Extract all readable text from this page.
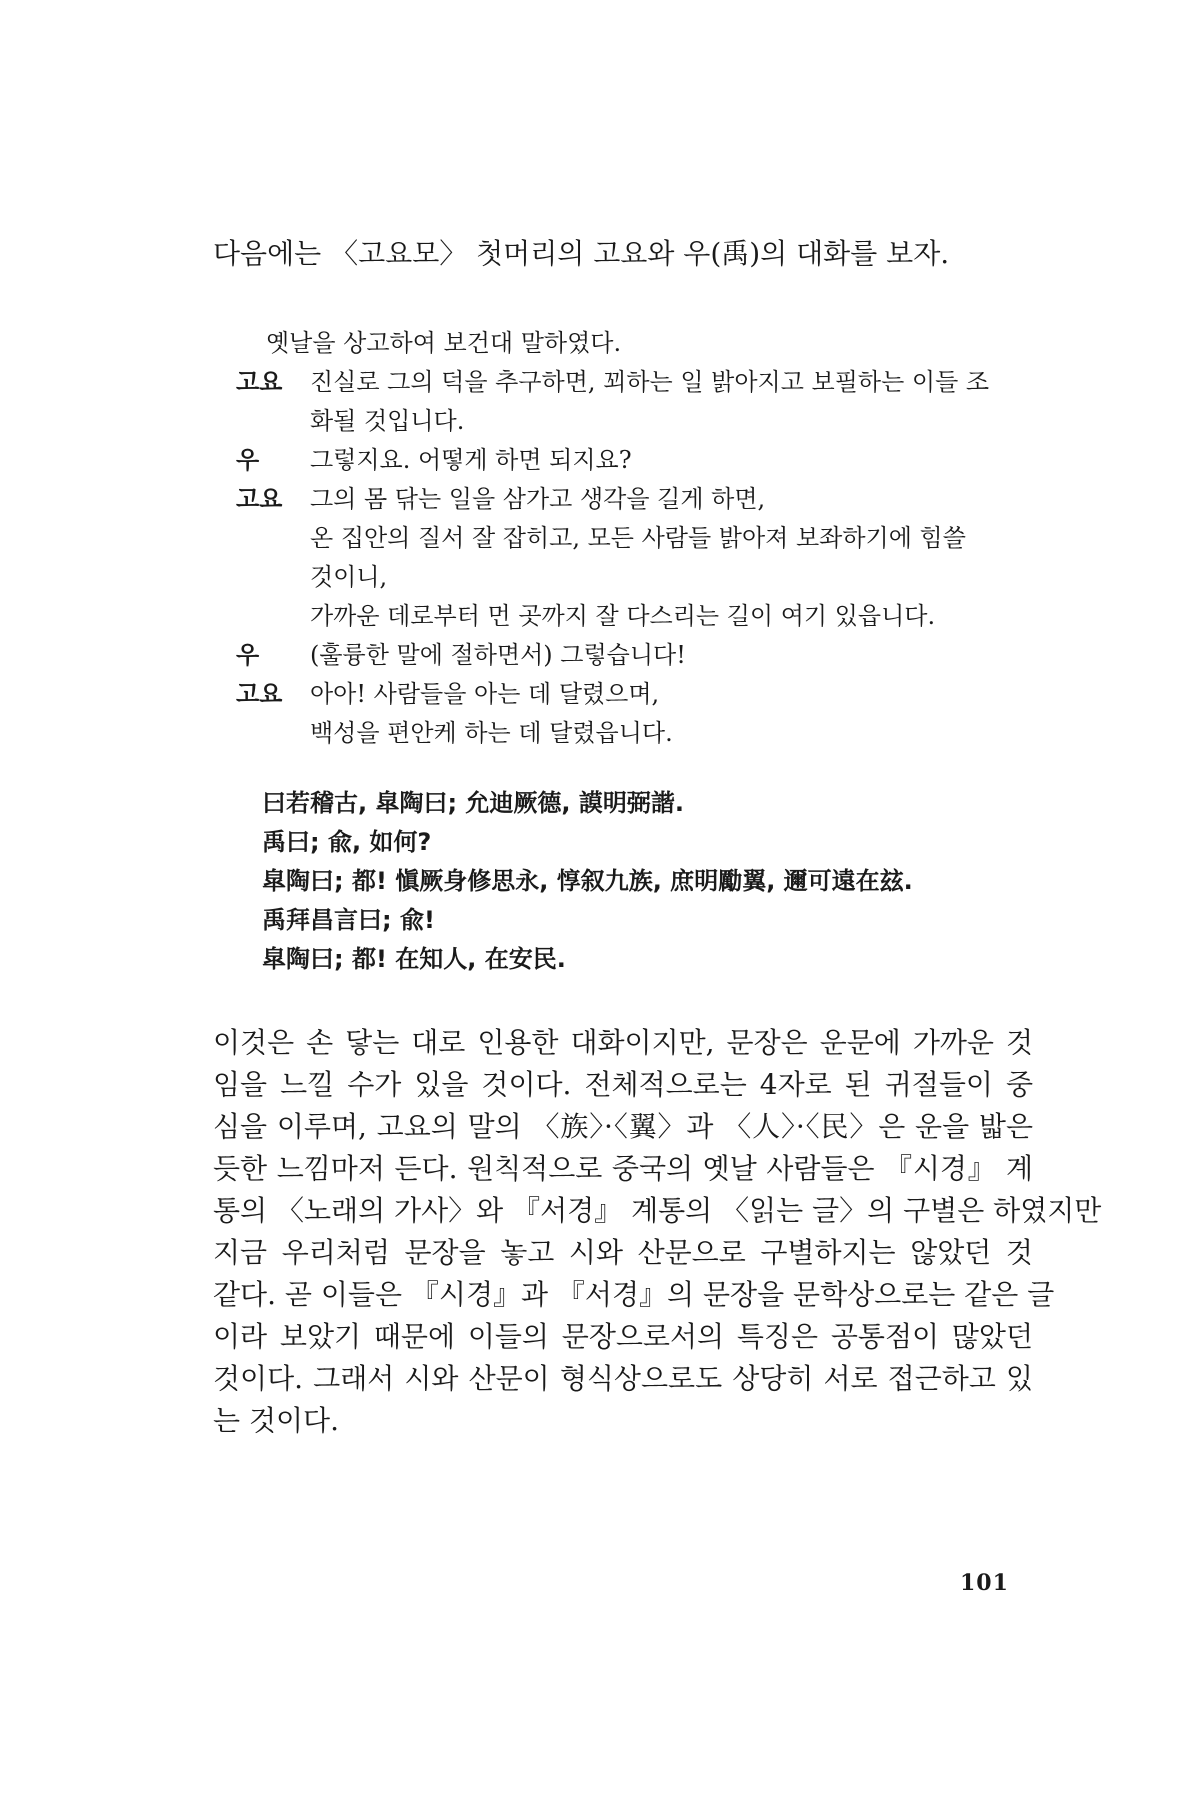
다음에는 〈고요모〉 첫머리의 고요와 우(禹)의 대화를 보자.
옛날을 상고하여 보건대 말하였다.
고요	진실로 그의 덕을 추구하면, 꾀하는 일 밝아지고 보필하는 이들 조
화될 것입니다.
우	그렇지요. 어떻게 하면 되지요?
고요	그의 몸 닦는 일을 삼가고 생각을 길게 하면,
온 집안의 질서 잘 잡히고, 모든 사람들 밝아져 보좌하기에 힘쓸
것이니,
가까운 데로부터 먼 곳까지 잘 다스리는 길이 여기 있읍니다.
우	(훌륭한 말에 절하면서) 그렇습니다!
고요	아아! 사람들을 아는 데 달렸으며,
백성을 편안케 하는 데 달렸읍니다.
曰若稽古, 皐陶曰; 允迪厥德, 謨明弼諧.
禹曰; 兪, 如何?
皐陶曰; 都! 愼厥身修思永, 惇叙九族, 庶明勵翼, 邇可遠在玆.
禹拜昌言曰; 兪!
皐陶曰; 都! 在知人, 在安民.
이것은 손 닿는 대로 인용한 대화이지만, 문장은 운문에 가까운 것
임을 느낄 수가 있을 것이다. 전체적으로는 4자로 된 귀절들이 중
심을 이루며, 고요의 말의 〈族〉·〈翼〉과 〈人〉·〈民〉은 운을 밟은
듯한 느낌마저 든다. 원칙적으로 중국의 옛날 사람들은 『시경』 계
통의 〈노래의 가사〉와 『서경』 계통의 〈읽는 글〉의 구별은 하였지만
지금 우리처럼 문장을 놓고 시와 산문으로 구별하지는 않았던 것
같다. 곧 이들은 『시경』과 『서경』의 문장을 문학상으로는 같은 글
이라 보았기 때문에 이들의 문장으로서의 특징은 공통점이 많았던
것이다. 그래서 시와 산문이 형식상으로도 상당히 서로 접근하고 있
는 것이다.
101
